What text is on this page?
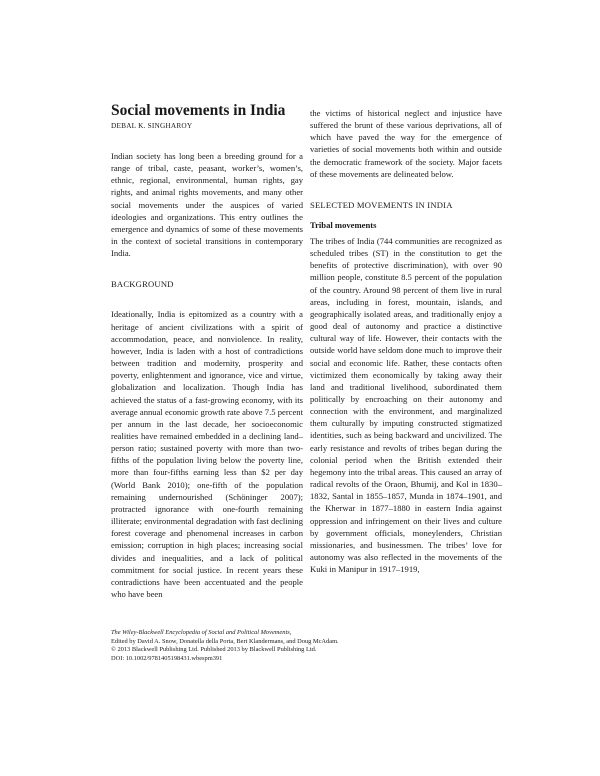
Social movements in India
DEBAL K. SINGHAROY

Indian society has long been a breeding ground for a range of tribal, caste, peasant, worker’s, women’s, ethnic, regional, environmental, human rights, gay rights, and animal rights movements, and many other social movements under the auspices of varied ideologies and organizations. This entry outlines the emergence and dynamics of some of these movements in the context of societal transitions in contemporary India.

BACKGROUND

Ideationally, India is epitomized as a country with a heritage of ancient civilizations with a spirit of accommodation, peace, and nonviolence. In reality, however, India is laden with a host of contradictions between tradition and modernity, prosperity and poverty, enlightenment and ignorance, vice and virtue, globalization and localization. Though India has achieved the status of a fast-growing economy, with its average annual economic growth rate above 7.5 percent per annum in the last decade, her socioeconomic realities have remained embedded in a declining land–person ratio; sustained poverty with more than two-fifths of the population living below the poverty line, more than four-fifths earning less than $2 per day (World Bank 2010); one-fifth of the population remaining undernourished (Schöninger 2007); protracted ignorance with one-fourth remaining illiterate; environmental degradation with fast declining forest coverage and phenomenal increases in carbon emission; corruption in high places; increasing social divides and inequalities, and a lack of political commitment for social justice. In recent years these contradictions have been accentuated and the people who have been

the victims of historical neglect and injustice have suffered the brunt of these various deprivations, all of which have paved the way for the emergence of varieties of social movements both within and outside the democratic framework of the society. Major facets of these movements are delineated below.

SELECTED MOVEMENTS IN INDIA
Tribal movements

The tribes of India (744 communities are recognized as scheduled tribes (ST) in the constitution to get the benefits of protective discrimination), with over 90 million people, constitute 8.5 percent of the population of the country. Around 98 percent of them live in rural areas, including in forest, mountain, islands, and geographically isolated areas, and traditionally enjoy a good deal of autonomy and practice a distinctive cultural way of life. However, their contacts with the outside world have seldom done much to improve their social and economic life. Rather, these contacts often victimized them economically by taking away their land and traditional livelihood, subordinated them politically by encroaching on their autonomy and connection with the environment, and marginalized them culturally by imputing constructed stigmatized identities, such as being backward and uncivilized. The early resistance and revolts of tribes began during the colonial period when the British extended their hegemony into the tribal areas. This caused an array of radical revolts of the Oraon, Bhumij, and Kol in 1830–1832, Santal in 1855–1857, Munda in 1874–1901, and the Kherwar in 1877–1880 in eastern India against oppression and infringement on their lives and culture by government officials, moneylenders, Christian missionaries, and businessmen. The tribes’ love for autonomy was also reflected in the movements of the Kuki in Manipur in 1917–1919,

The Wiley-Blackwell Encyclopedia of Social and Political Movements,
Edited by David A. Snow, Donatella della Porta, Bert Klandermans, and Doug McAdam.
© 2013 Blackwell Publishing Ltd. Published 2013 by Blackwell Publishing Ltd.
DOI: 10.1002/9781405198431.wbespm391
